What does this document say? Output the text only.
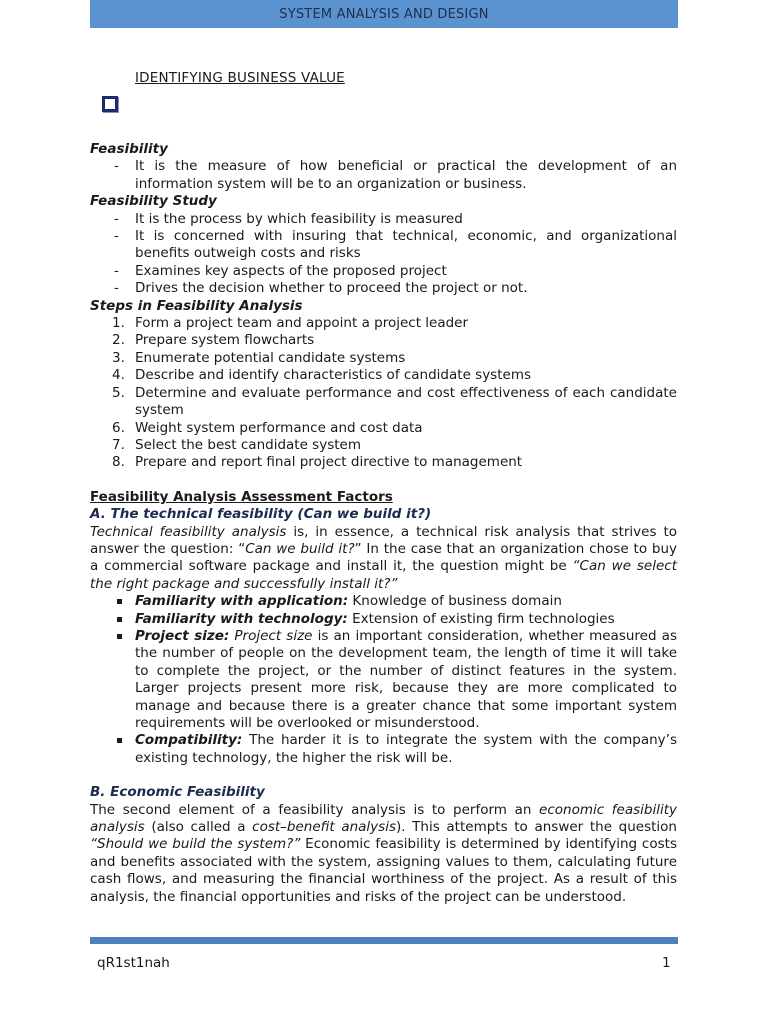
SYSTEM ANALYSIS AND DESIGN
IDENTIFYING BUSINESS VALUE
Feasibility
- It is the measure of how beneficial or practical the development of an information system will be to an organization or business.
Feasibility Study
- It is the process by which feasibility is measured
- It is concerned with insuring that technical, economic, and organizational benefits outweigh costs and risks
- Examines key aspects of the proposed project
- Drives the decision whether to proceed the project or not.
Steps in Feasibility Analysis
1. Form a project team and appoint a project leader
2. Prepare system flowcharts
3. Enumerate potential candidate systems
4. Describe and identify characteristics of candidate systems
5. Determine and evaluate performance and cost effectiveness of each candidate system
6. Weight system performance and cost data
7. Select the best candidate system
8. Prepare and report final project directive to management
Feasibility Analysis Assessment Factors
A. The technical feasibility (Can we build it?)
Technical feasibility analysis is, in essence, a technical risk analysis that strives to answer the question: “Can we build it?” In the case that an organization chose to buy a commercial software package and install it, the question might be “Can we select the right package and successfully install it?”
Familiarity with application: Knowledge of business domain
Familiarity with technology: Extension of existing firm technologies
Project size: Project size is an important consideration, whether measured as the number of people on the development team, the length of time it will take to complete the project, or the number of distinct features in the system. Larger projects present more risk, because they are more complicated to manage and because there is a greater chance that some important system requirements will be overlooked or misunderstood.
Compatibility: The harder it is to integrate the system with the company’s existing technology, the higher the risk will be.
B. Economic Feasibility
The second element of a feasibility analysis is to perform an economic feasibility analysis (also called a cost–benefit analysis). This attempts to answer the question “Should we build the system?” Economic feasibility is determined by identifying costs and benefits associated with the system, assigning values to them, calculating future cash flows, and measuring the financial worthiness of the project. As a result of this analysis, the financial opportunities and risks of the project can be understood.
qR1st1nah	1
